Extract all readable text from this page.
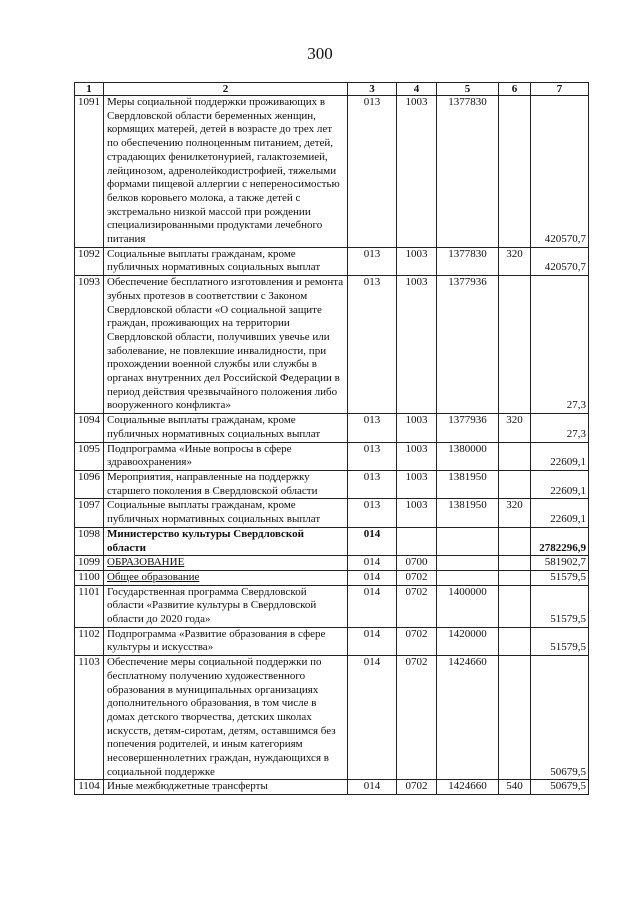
300
1	2	3	4	5	6	7
1091	Меры социальной поддержки проживающих в Свердловской области беременных женщин, кормящих матерей, детей в возрасте до трех лет по обеспечению полноценным питанием, детей, страдающих фенилкетонурией, галактоземией, лейцинозом, адренолейкодистрофией, тяжелыми формами пищевой аллергии с непереносимостью белков коровьего молока, а также детей с экстремально низкой массой при рождении специализированными продуктами лечебного питания	013	1003	1377830		420570,7
1092	Социальные выплаты гражданам, кроме публичных нормативных социальных выплат	013	1003	1377830	320	420570,7
1093	Обеспечение бесплатного изготовления и ремонта зубных протезов в соответствии с Законом Свердловской области «О социальной защите граждан, проживающих на территории Свердловской области, получивших увечье или заболевание, не повлекшие инвалидности, при прохождении военной службы или службы в органах внутренних дел Российской Федерации в период действия чрезвычайного положения либо вооруженного конфликта»	013	1003	1377936		27,3
1094	Социальные выплаты гражданам, кроме публичных нормативных социальных выплат	013	1003	1377936	320	27,3
1095	Подпрограмма «Иные вопросы в сфере здравоохранения»	013	1003	1380000		22609,1
1096	Мероприятия, направленные на поддержку старшего поколения в Свердловской области	013	1003	1381950		22609,1
1097	Социальные выплаты гражданам, кроме публичных нормативных социальных выплат	013	1003	1381950	320	22609,1
1098	Министерство культуры Свердловской области	014				2782296,9
1099	ОБРАЗОВАНИЕ	014	0700			581902,7
1100	Общее образование	014	0702			51579,5
1101	Государственная программа Свердловской области «Развитие культуры в Свердловской области до 2020 года»	014	0702	1400000		51579,5
1102	Подпрограмма «Развитие образования в сфере культуры и искусства»	014	0702	1420000		51579,5
1103	Обеспечение меры социальной поддержки по бесплатному получению художественного образования в муниципальных организациях дополнительного образования, в том числе в домах детского творчества, детских школах искусств, детям-сиротам, детям, оставшимся без попечения родителей, и иным категориям несовершеннолетних граждан, нуждающихся в социальной поддержке	014	0702	1424660		50679,5
1104	Иные межбюджетные трансферты	014	0702	1424660	540	50679,5
